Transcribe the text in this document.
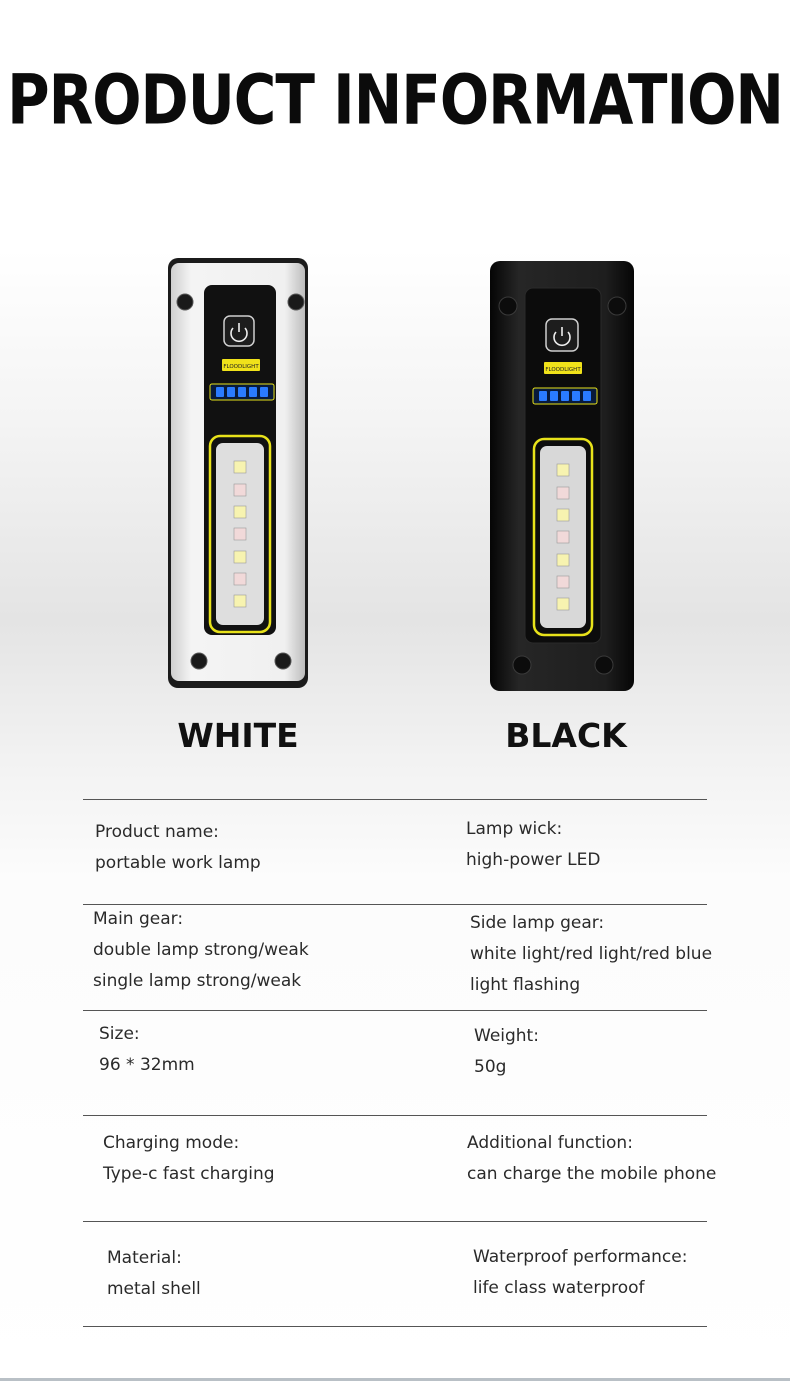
PRODUCT INFORMATION
FLOODLIGHT	FLOODLIGHT
WHITE	BLACK
Product name:
portable work lamp
Lamp wick:
high-power LED
Main gear:
double lamp strong/weak
single lamp strong/weak
Side lamp gear:
white light/red light/red blue
light flashing
Size:
96 * 32mm
Weight:
50g
Charging mode:
Type-c fast charging
Additional function:
can charge the mobile phone
Material:
metal shell
Waterproof performance:
life class waterproof
